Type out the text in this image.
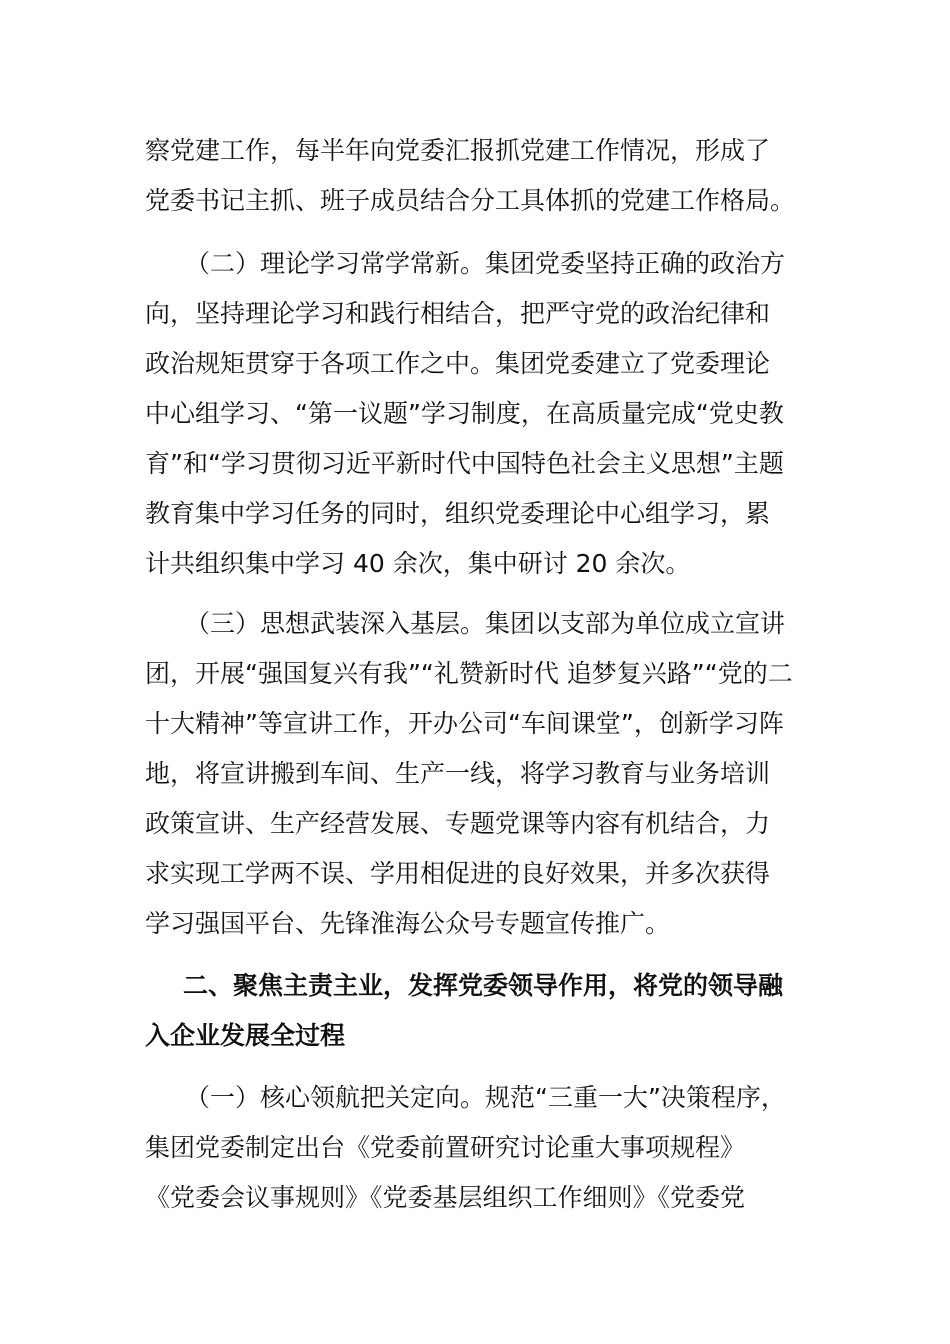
察党建工作，每半年向党委汇报抓党建工作情况，形成了
党委书记主抓、班子成员结合分工具体抓的党建工作格局。
（二）理论学习常学常新。集团党委坚持正确的政治方
向，坚持理论学习和践行相结合，把严守党的政治纪律和
政治规矩贯穿于各项工作之中。集团党委建立了党委理论
中心组学习、“第一议题”学习制度，在高质量完成“党史教
育”和“学习贯彻习近平新时代中国特色社会主义思想”主题
教育集中学习任务的同时，组织党委理论中心组学习，累
计共组织集中学习 40 余次，集中研讨 20 余次。
（三）思想武装深入基层。集团以支部为单位成立宣讲
团，开展“强国复兴有我”“礼赞新时代 追梦复兴路”“党的二
十大精神”等宣讲工作，开办公司“车间课堂”，创新学习阵
地，将宣讲搬到车间、生产一线，将学习教育与业务培训
政策宣讲、生产经营发展、专题党课等内容有机结合，力
求实现工学两不误、学用相促进的良好效果，并多次获得
学习强国平台、先锋淮海公众号专题宣传推广。
二、聚焦主责主业，发挥党委领导作用，将党的领导融
入企业发展全过程
（一）核心领航把关定向。规范“三重一大”决策程序，
集团党委制定出台《党委前置研究讨论重大事项规程》
《党委会议事规则》《党委基层组织工作细则》《党委党
